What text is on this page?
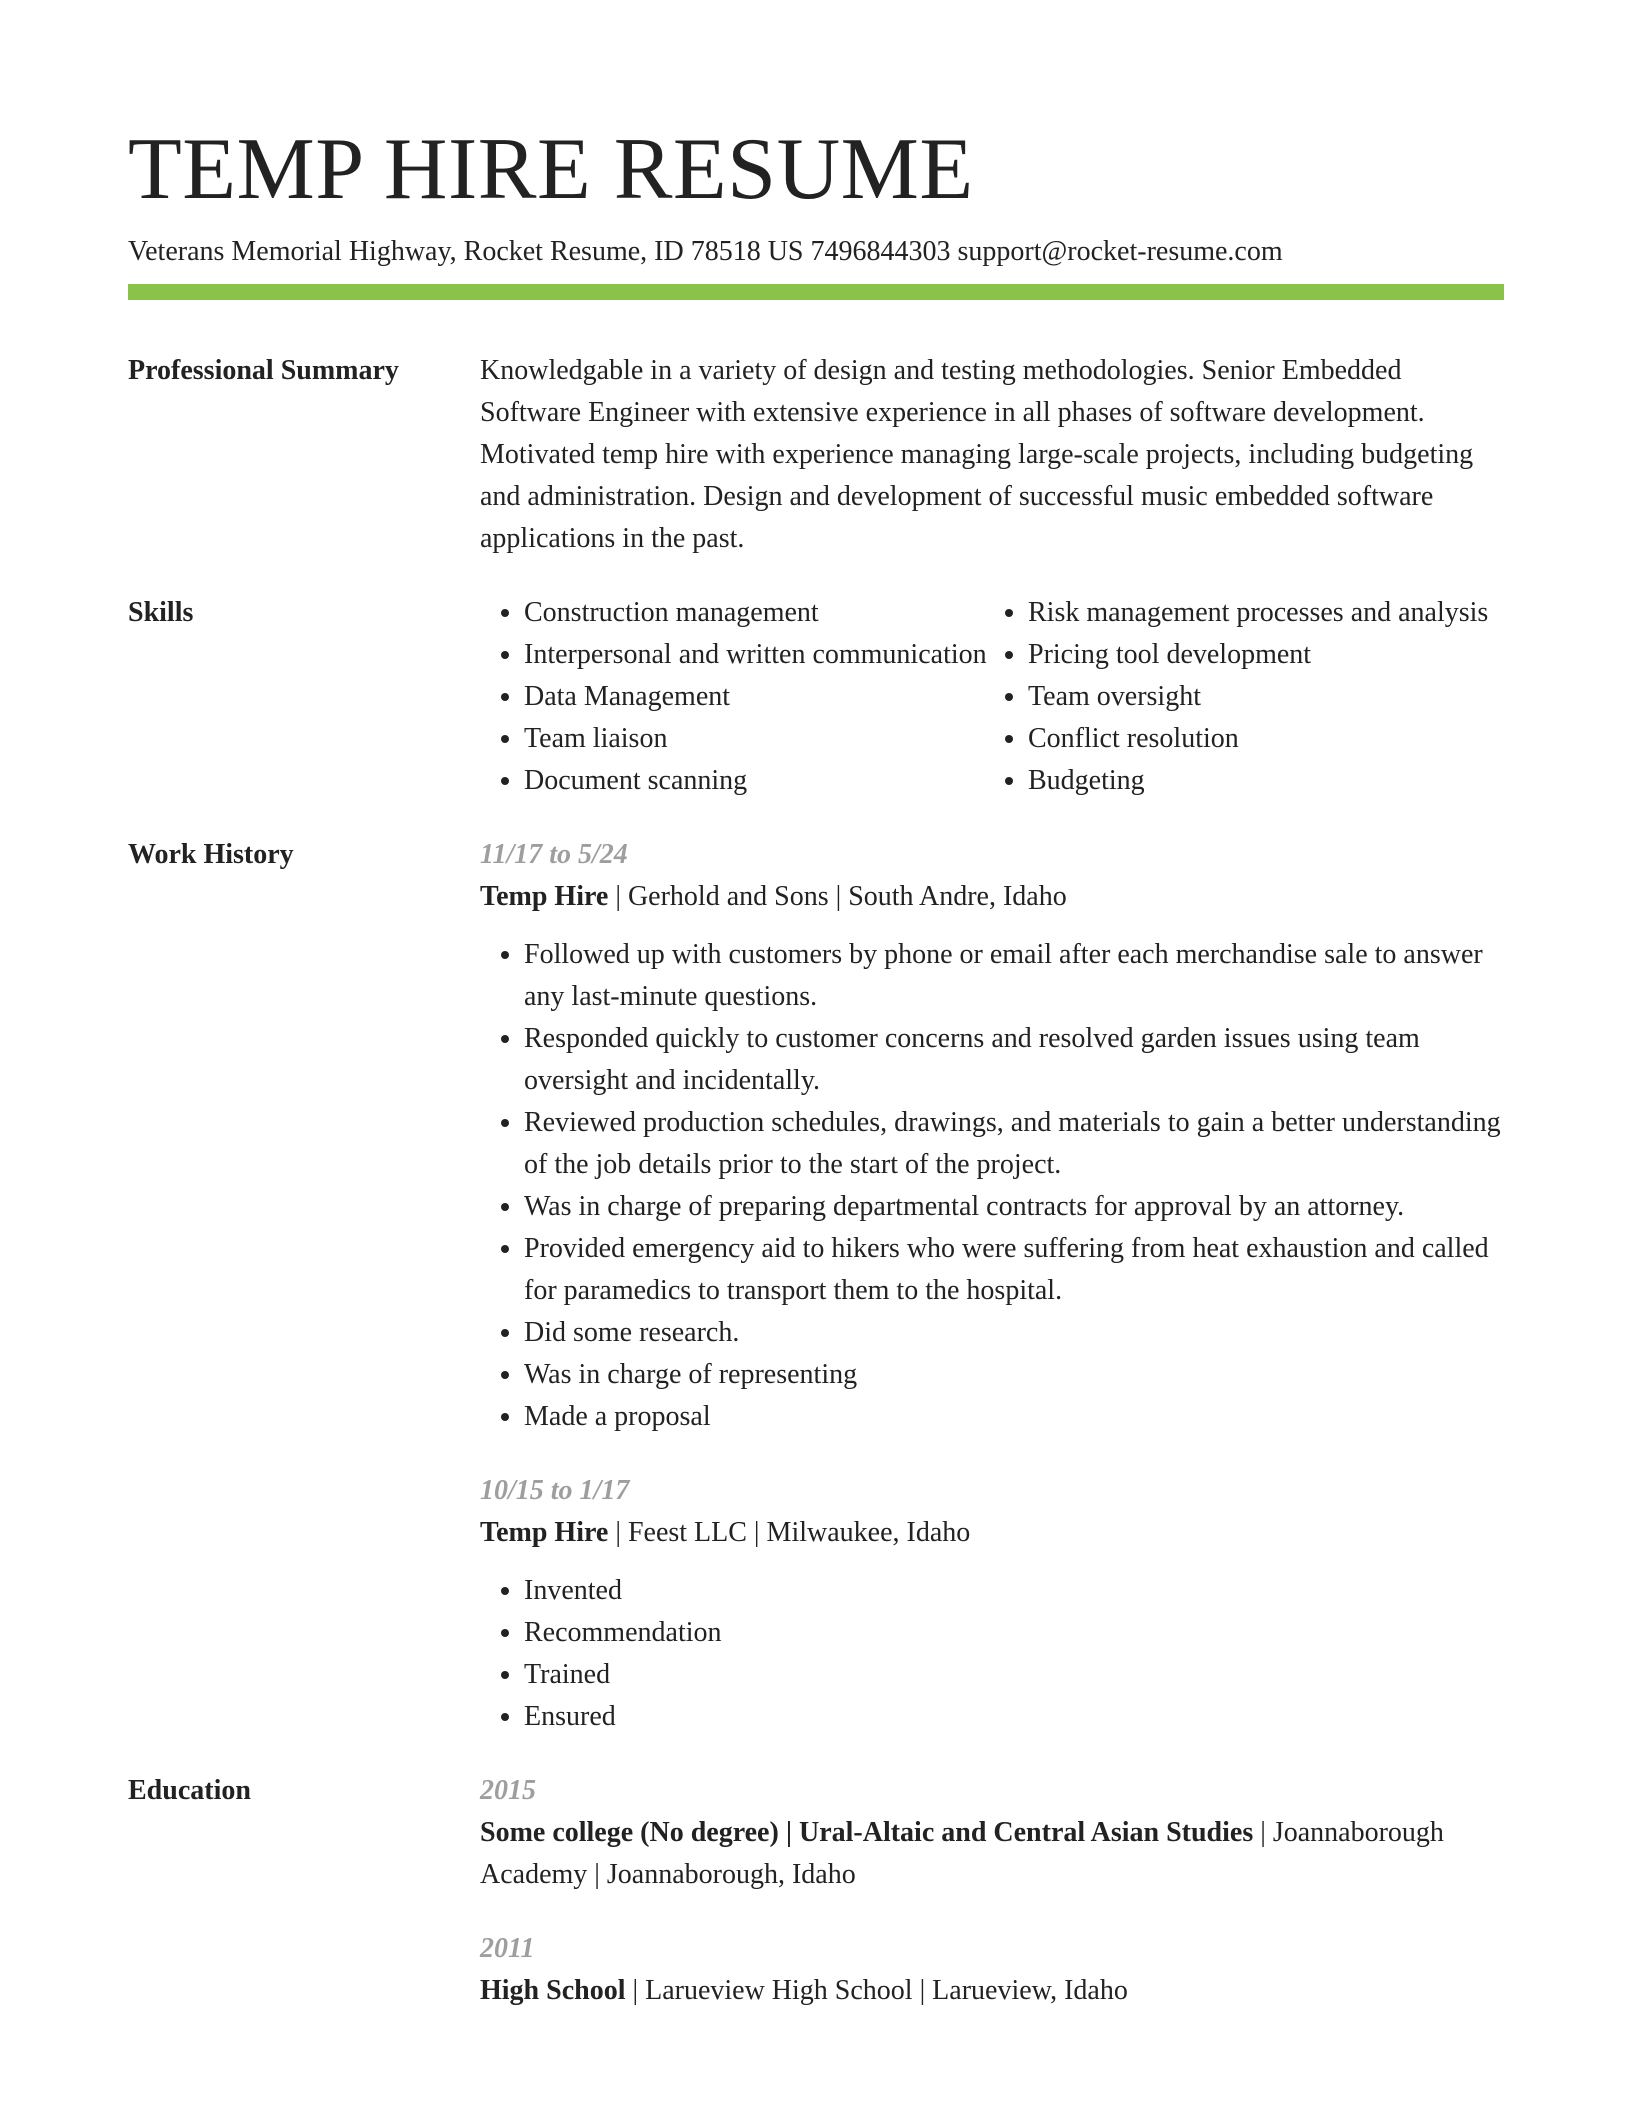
TEMP HIRE RESUME
Veterans Memorial Highway, Rocket Resume, ID 78518 US 7496844303 support@rocket-resume.com
Professional Summary	Knowledgable in a variety of design and testing methodologies. Senior Embedded Software Engineer with extensive experience in all phases of software development. Motivated temp hire with experience managing large-scale projects, including budgeting and administration. Design and development of successful music embedded software applications in the past.

Skills
•	Construction management
• Interpersonal and written communication
• Data Management
• Team liaison
• Document scanning
• Risk management processes and analysis
• Pricing tool development
• Team oversight
• Conflict resolution
• Budgeting
Work History	11/17 to 5/24
Temp Hire | Gerhold and Sons | South Andre, Idaho
• Followed up with customers by phone or email after each merchandise sale to answer any last-minute questions.
• Responded quickly to customer concerns and resolved garden issues using team oversight and incidentally.
• Reviewed production schedules, drawings, and materials to gain a better understanding of the job details prior to the start of the project.
• Was in charge of preparing departmental contracts for approval by an attorney.
• Provided emergency aid to hikers who were suffering from heat exhaustion and called for paramedics to transport them to the hospital.
• Did some research.
• Was in charge of representing
• Made a proposal
10/15 to 1/17
Temp Hire | Feest LLC | Milwaukee, Idaho
• Invented
• Recommendation
• Trained
• Ensured
Education	2015
Some college (No degree) | Ural-Altaic and Central Asian Studies | Joannaborough Academy | Joannaborough, Idaho
2011
High School | Larueview High School | Larueview, Idaho
